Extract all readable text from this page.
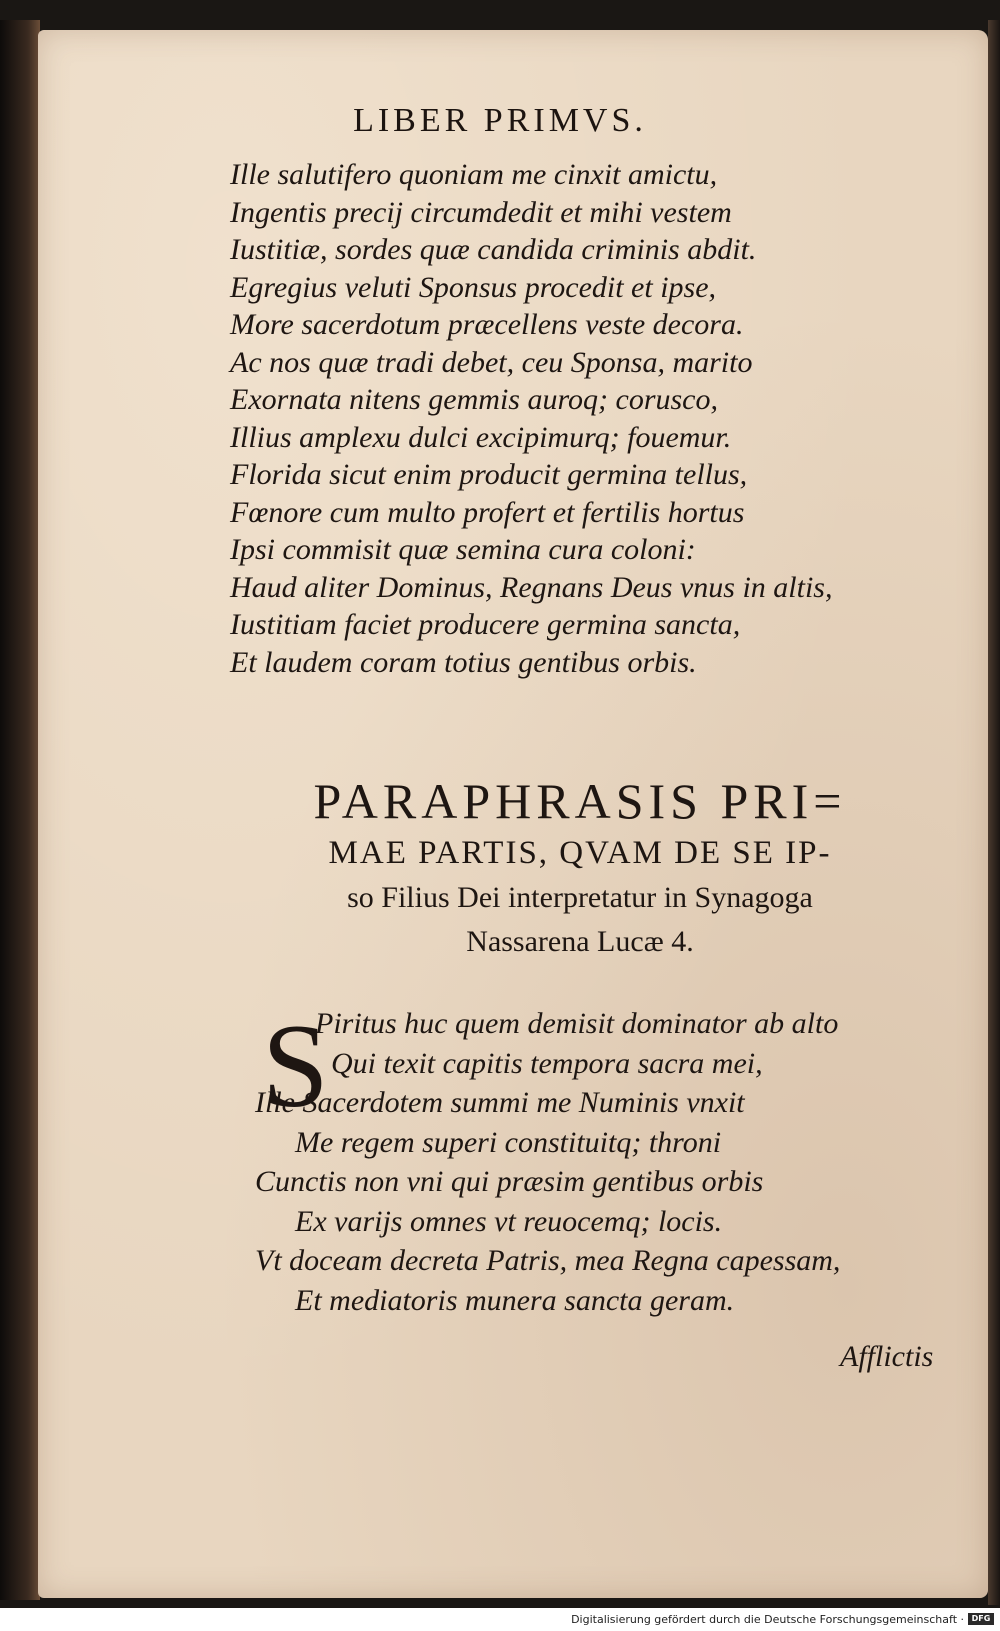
LIBER PRIMVS.
Ille salutifero quoniam me cinxit amictu,
Ingentis precij circumdedit et mihi vestem
Iustitiæ, sordes quæ candida criminis abdit.
Egregius veluti Sponsus procedit et ipse,
More sacerdotum præcellens veste decora.
Ac nos quæ tradi debet, ceu Sponsa, marito
Exornata nitens gemmis auroq; corusco,
Illius amplexu dulci excipimurq; fouemur.
Florida sicut enim producit germina tellus,
Fœnore cum multo profert et fertilis hortus
Ipsi commisit quæ semina cura coloni:
Haud aliter Dominus, Regnans Deus vnus in altis,
Iustitiam faciet producere germina sancta,
Et laudem coram totius gentibus orbis.
PARAPHRASIS PRI=
MAE PARTIS, QVAM DE SE IP-
so Filius Dei interpretatur in Synagoga
Nassarena Lucæ 4.
S
Piritus huc quem demisit dominator ab alto
Qui texit capitis tempora sacra mei,
Ille Sacerdotem summi me Numinis vnxit
Me regem superi constituitq; throni
Cunctis non vni qui præsim gentibus orbis
Ex varijs omnes vt reuocemq; locis.
Vt doceam decreta Patris, mea Regna capessam,
Et mediatoris munera sancta geram.
Afflictis
Digitalisierung gefördert durch die Deutsche Forschungsgemeinschaft · DFG
